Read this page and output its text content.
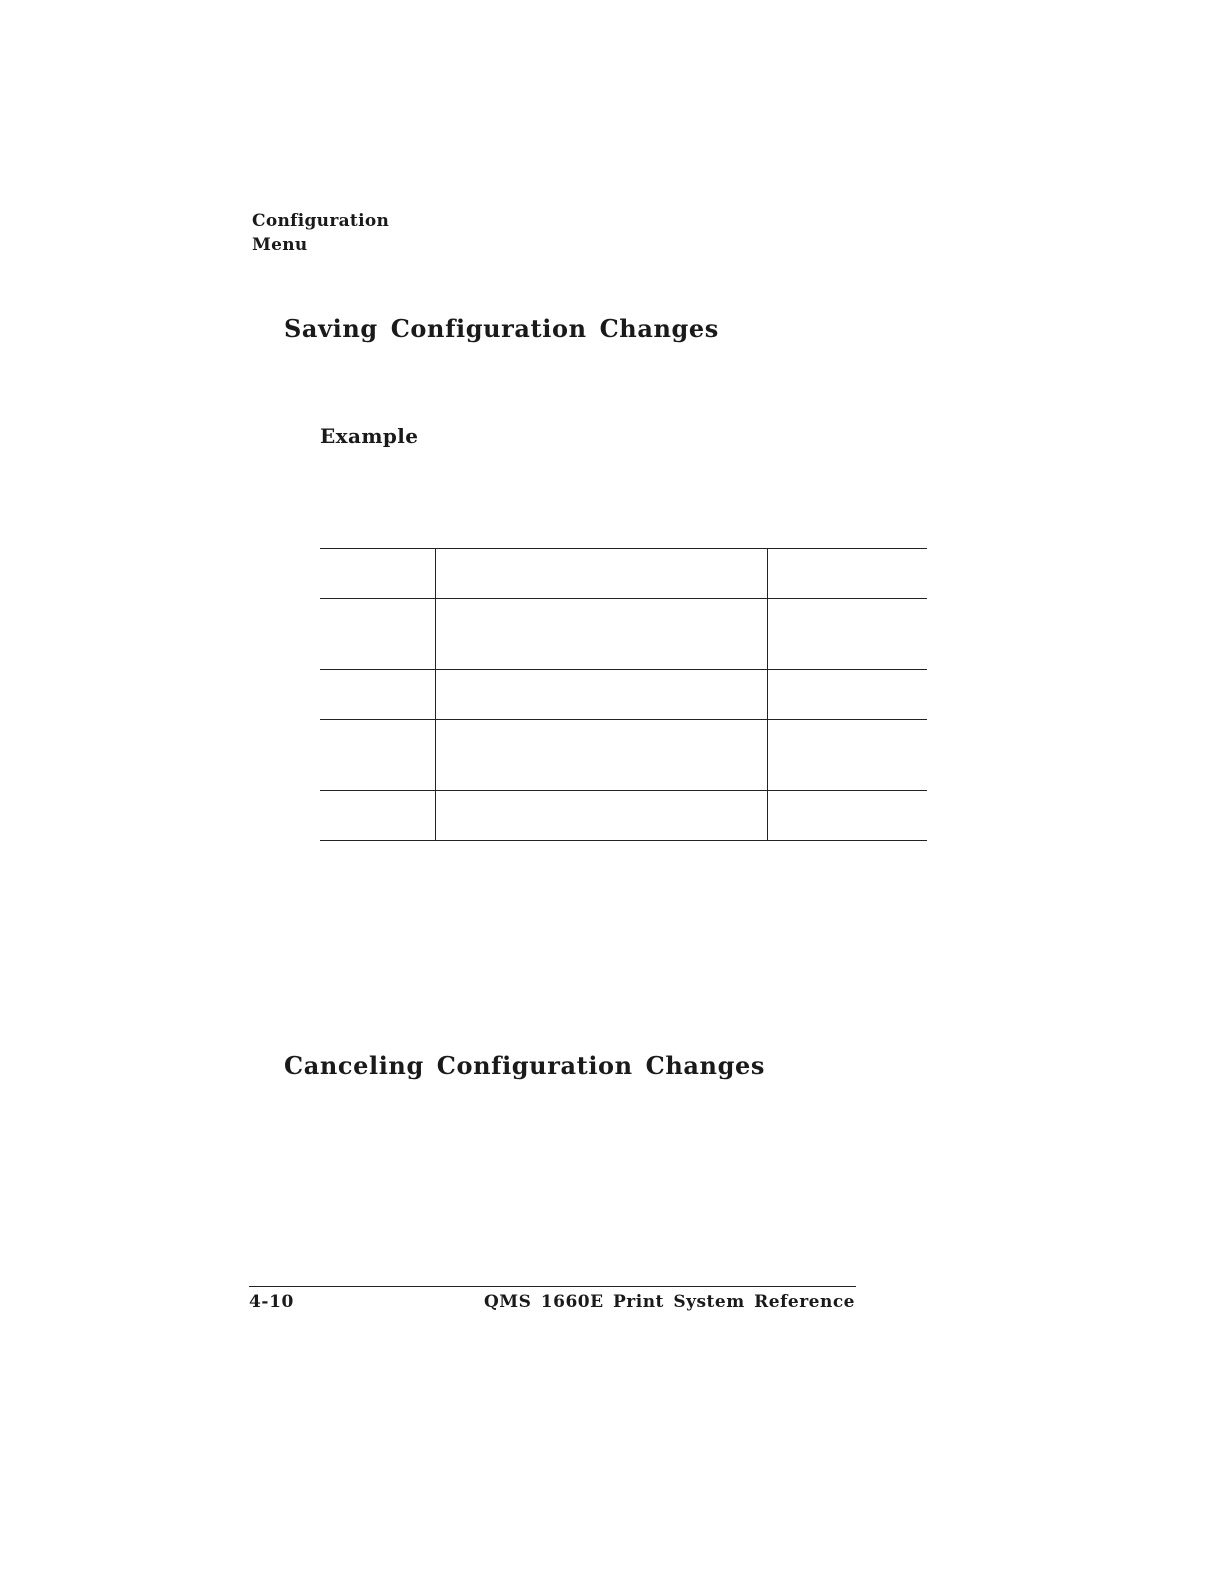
Configuration
Menu
Saving Configuration Changes
Example

Canceling Configuration Changes
4-10	QMS 1660E Print System Reference
